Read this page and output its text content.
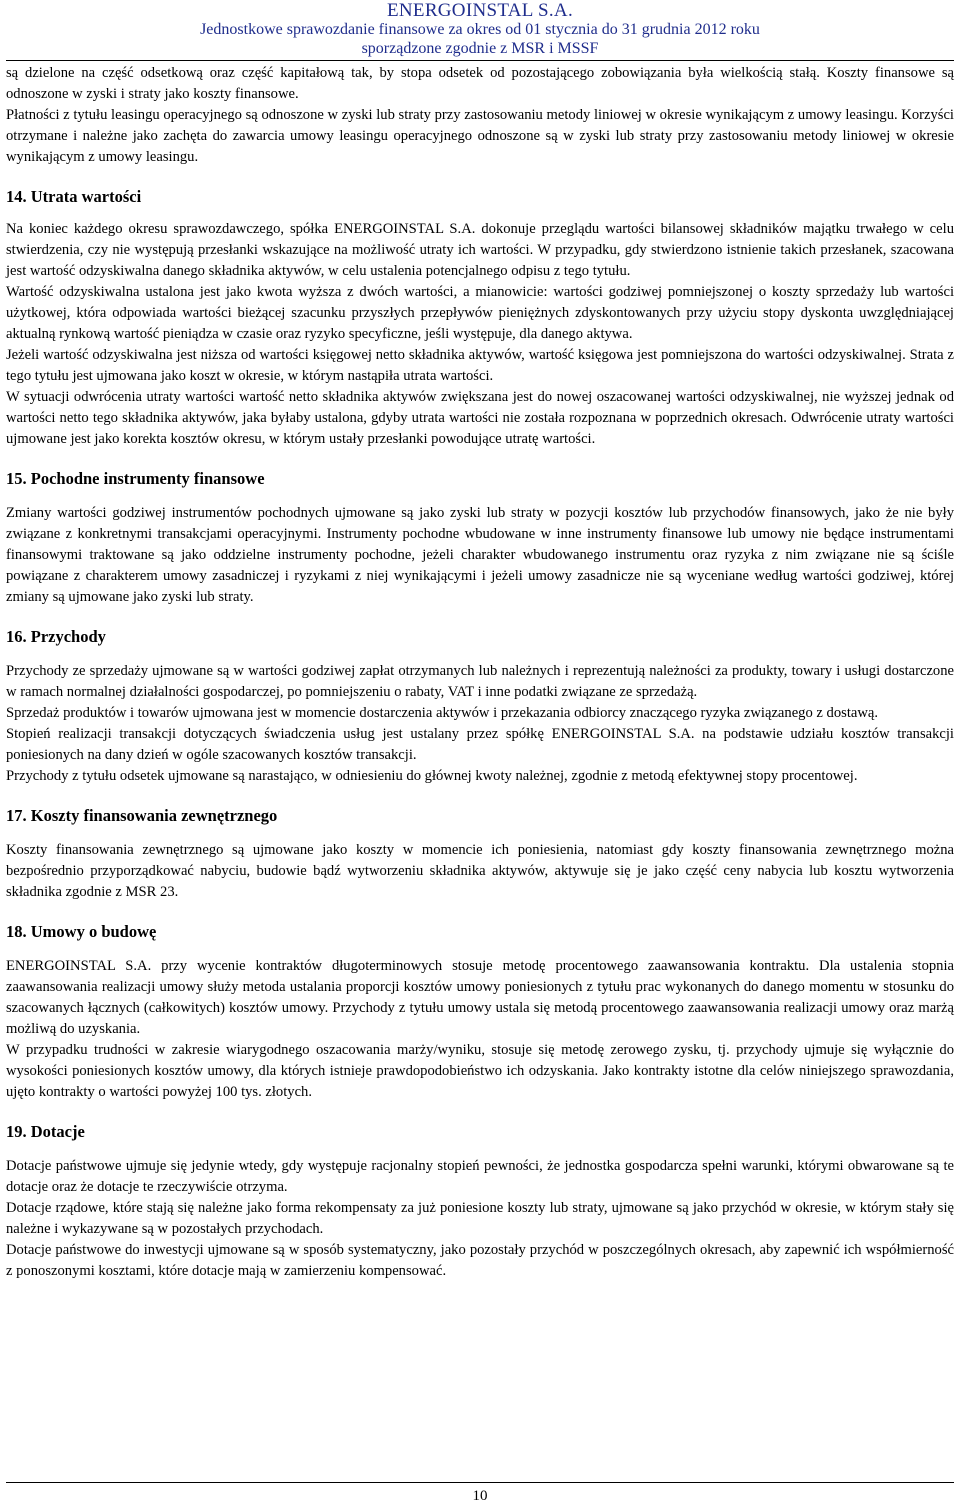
ENERGOINSTAL S.A.
Jednostkowe sprawozdanie finansowe za okres od 01 stycznia do 31 grudnia 2012 roku
sporządzone zgodnie z MSR i MSSF

są dzielone na część odsetkową oraz część kapitałową tak, by stopa odsetek od pozostającego zobowiązania była wielkością stałą. Koszty finansowe są odnoszone w zyski i straty jako koszty finansowe.

Płatności z tytułu leasingu operacyjnego są odnoszone w zyski lub straty przy zastosowaniu metody liniowej w okresie wynikającym z umowy leasingu. Korzyści otrzymane i należne jako zachęta do zawarcia umowy leasingu operacyjnego odnoszone są w zyski lub straty przy zastosowaniu metody liniowej w okresie wynikającym z umowy leasingu.

14. Utrata wartości

Na koniec każdego okresu sprawozdawczego, spółka ENERGOINSTAL S.A. dokonuje przeglądu wartości bilansowej składników majątku trwałego w celu stwierdzenia, czy nie występują przesłanki wskazujące na możliwość utraty ich wartości. W przypadku, gdy stwierdzono istnienie takich przesłanek, szacowana jest wartość odzyskiwalna danego składnika aktywów, w celu ustalenia potencjalnego odpisu z tego tytułu.

Wartość odzyskiwalna ustalona jest jako kwota wyższa z dwóch wartości, a mianowicie: wartości godziwej pomniejszonej o koszty sprzedaży lub wartości użytkowej, która odpowiada wartości bieżącej szacunku przyszłych przepływów pieniężnych zdyskontowanych przy użyciu stopy dyskonta uwzględniającej aktualną rynkową wartość pieniądza w czasie oraz ryzyko specyficzne, jeśli występuje, dla danego aktywa.

Jeżeli wartość odzyskiwalna jest niższa od wartości księgowej netto składnika aktywów, wartość księgowa jest pomniejszona do wartości odzyskiwalnej. Strata z tego tytułu jest ujmowana jako koszt w okresie, w którym nastąpiła utrata wartości.

W sytuacji odwrócenia utraty wartości wartość netto składnika aktywów zwiększana jest do nowej oszacowanej wartości odzyskiwalnej, nie wyższej jednak od wartości netto tego składnika aktywów, jaka byłaby ustalona, gdyby utrata wartości nie została rozpoznana w poprzednich okresach. Odwrócenie utraty wartości ujmowane jest jako korekta kosztów okresu, w którym ustały przesłanki powodujące utratę wartości.

15. Pochodne instrumenty finansowe

Zmiany wartości godziwej instrumentów pochodnych ujmowane są jako zyski lub straty w pozycji kosztów lub przychodów finansowych, jako że nie były związane z konkretnymi transakcjami operacyjnymi. Instrumenty pochodne wbudowane w inne instrumenty finansowe lub umowy nie będące instrumentami finansowymi traktowane są jako oddzielne instrumenty pochodne, jeżeli charakter wbudowanego instrumentu oraz ryzyka z nim związane nie są ściśle powiązane z charakterem umowy zasadniczej i ryzykami z niej wynikającymi i jeżeli umowy zasadnicze nie są wyceniane według wartości godziwej, której zmiany są ujmowane jako zyski lub straty.

16. Przychody

Przychody ze sprzedaży ujmowane są w wartości godziwej zapłat otrzymanych lub należnych i reprezentują należności za produkty, towary i usługi dostarczone w ramach normalnej działalności gospodarczej, po pomniejszeniu o rabaty, VAT i inne podatki związane ze sprzedażą.

Sprzedaż produktów i towarów ujmowana jest w momencie dostarczenia aktywów i przekazania odbiorcy znaczącego ryzyka związanego z dostawą.

Stopień realizacji transakcji dotyczących świadczenia usług jest ustalany przez spółkę ENERGOINSTAL S.A. na podstawie udziału kosztów transakcji poniesionych na dany dzień w ogóle szacowanych kosztów transakcji.

Przychody z tytułu odsetek ujmowane są narastająco, w odniesieniu do głównej kwoty należnej, zgodnie z metodą efektywnej stopy procentowej.

17. Koszty finansowania zewnętrznego

Koszty finansowania zewnętrznego są ujmowane jako koszty w momencie ich poniesienia, natomiast gdy koszty finansowania zewnętrznego można bezpośrednio przyporządkować nabyciu, budowie bądź wytworzeniu składnika aktywów, aktywuje się je jako część ceny nabycia lub kosztu wytworzenia składnika zgodnie z MSR 23.

18. Umowy o budowę

ENERGOINSTAL S.A. przy wycenie kontraktów długoterminowych stosuje metodę procentowego zaawansowania kontraktu. Dla ustalenia stopnia zaawansowania realizacji umowy służy metoda ustalania proporcji kosztów umowy poniesionych z tytułu prac wykonanych do danego momentu w stosunku do szacowanych łącznych (całkowitych) kosztów umowy. Przychody z tytułu umowy ustala się metodą procentowego zaawansowania realizacji umowy oraz marżą możliwą do uzyskania.

W przypadku trudności w zakresie wiarygodnego oszacowania marży/wyniku, stosuje się metodę zerowego zysku, tj. przychody ujmuje się wyłącznie do wysokości poniesionych kosztów umowy, dla których istnieje prawdopodobieństwo ich odzyskania. Jako kontrakty istotne dla celów niniejszego sprawozdania, ujęto kontrakty o wartości powyżej 100 tys. złotych.

19. Dotacje

Dotacje państwowe ujmuje się jedynie wtedy, gdy występuje racjonalny stopień pewności, że jednostka gospodarcza spełni warunki, którymi obwarowane są te dotacje oraz że dotacje te rzeczywiście otrzyma.

Dotacje rządowe, które stają się należne jako forma rekompensaty za już poniesione koszty lub straty, ujmowane są jako przychód w okresie, w którym stały się należne i wykazywane są w pozostałych przychodach.

Dotacje państwowe do inwestycji ujmowane są w sposób systematyczny, jako pozostały przychód w poszczególnych okresach, aby zapewnić ich współmierność z ponoszonymi kosztami, które dotacje mają w zamierzeniu kompensować.

10
